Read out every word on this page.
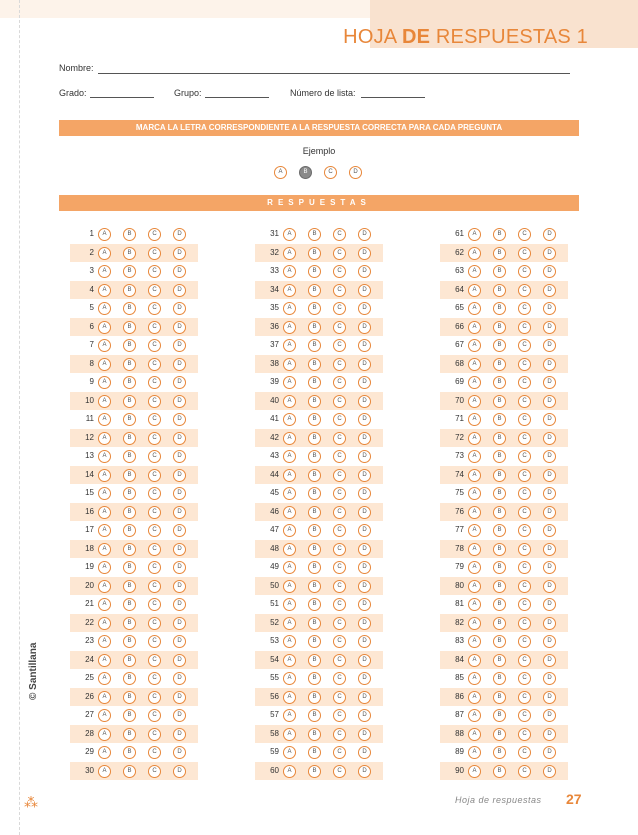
HOJA DE RESPUESTAS 1
Nombre:
Grado:	Grupo:	Número de lista:
MARCA LA LETRA CORRESPONDIENTE A LA RESPUESTA CORRECTA PARA CADA PREGUNTA
Ejemplo
A	B	C	D
RESPUESTAS
1	A	B	C	D
2	A	B	C	D
3	A	B	C	D
4	A	B	C	D
5	A	B	C	D
6	A	B	C	D
7	A	B	C	D
8	A	B	C	D
9	A	B	C	D
10	A	B	C	D
11	A	B	C	D
12	A	B	C	D
13	A	B	C	D
14	A	B	C	D
15	A	B	C	D
16	A	B	C	D
17	A	B	C	D
18	A	B	C	D
19	A	B	C	D
20	A	B	C	D
21	A	B	C	D
22	A	B	C	D
23	A	B	C	D
24	A	B	C	D
25	A	B	C	D
26	A	B	C	D
27	A	B	C	D
28	A	B	C	D
29	A	B	C	D
30	A	B	C	D
31	A	B	C	D
32	A	B	C	D
33	A	B	C	D
34	A	B	C	D
35	A	B	C	D
36	A	B	C	D
37	A	B	C	D
38	A	B	C	D
39	A	B	C	D
40	A	B	C	D
41	A	B	C	D
42	A	B	C	D
43	A	B	C	D
44	A	B	C	D
45	A	B	C	D
46	A	B	C	D
47	A	B	C	D
48	A	B	C	D
49	A	B	C	D
50	A	B	C	D
51	A	B	C	D
52	A	B	C	D
53	A	B	C	D
54	A	B	C	D
55	A	B	C	D
56	A	B	C	D
57	A	B	C	D
58	A	B	C	D
59	A	B	C	D
60	A	B	C	D
61	A	B	C	D
62	A	B	C	D
63	A	B	C	D
64	A	B	C	D
65	A	B	C	D
66	A	B	C	D
67	A	B	C	D
68	A	B	C	D
69	A	B	C	D
70	A	B	C	D
71	A	B	C	D
72	A	B	C	D
73	A	B	C	D
74	A	B	C	D
75	A	B	C	D
76	A	B	C	D
77	A	B	C	D
78	A	B	C	D
79	A	B	C	D
80	A	B	C	D
81	A	B	C	D
82	A	B	C	D
83	A	B	C	D
84	A	B	C	D
85	A	B	C	D
86	A	B	C	D
87	A	B	C	D
88	A	B	C	D
89	A	B	C	D
90	A	B	C	D
© Santillana
⁂	Hoja de respuestas 27
